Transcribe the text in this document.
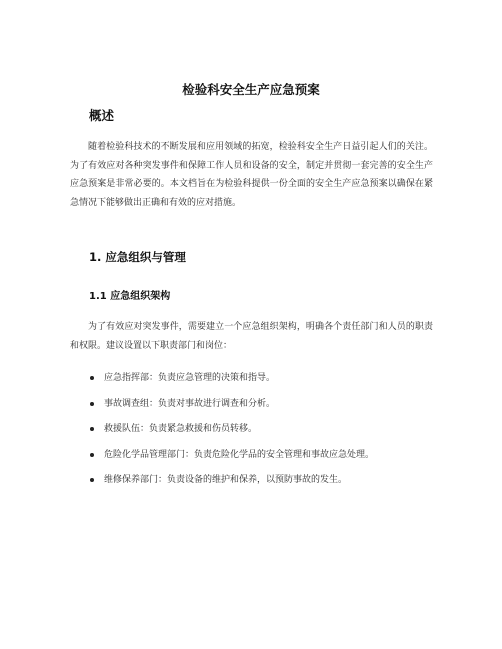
检验科安全生产应急预案
概述

随着检验科技术的不断发展和应用领域的拓宽，检验科安全生产日益引起人们的关注。为了有效应对各种突发事件和保障工作人员和设备的安全，制定并贯彻一套完善的安全生产应急预案是非常必要的。本文档旨在为检验科提供一份全面的安全生产应急预案以确保在紧急情况下能够做出正确和有效的应对措施。

1. 应急组织与管理
1.1 应急组织架构

为了有效应对突发事件，需要建立一个应急组织架构，明确各个责任部门和人员的职责和权限。建议设置以下职责部门和岗位：

应急指挥部：负责应急管理的决策和指导。
事故调查组：负责对事故进行调查和分析。
救援队伍：负责紧急救援和伤员转移。
危险化学品管理部门：负责危险化学品的安全管理和事故应急处理。
维修保养部门：负责设备的维护和保养，以预防事故的发生。
